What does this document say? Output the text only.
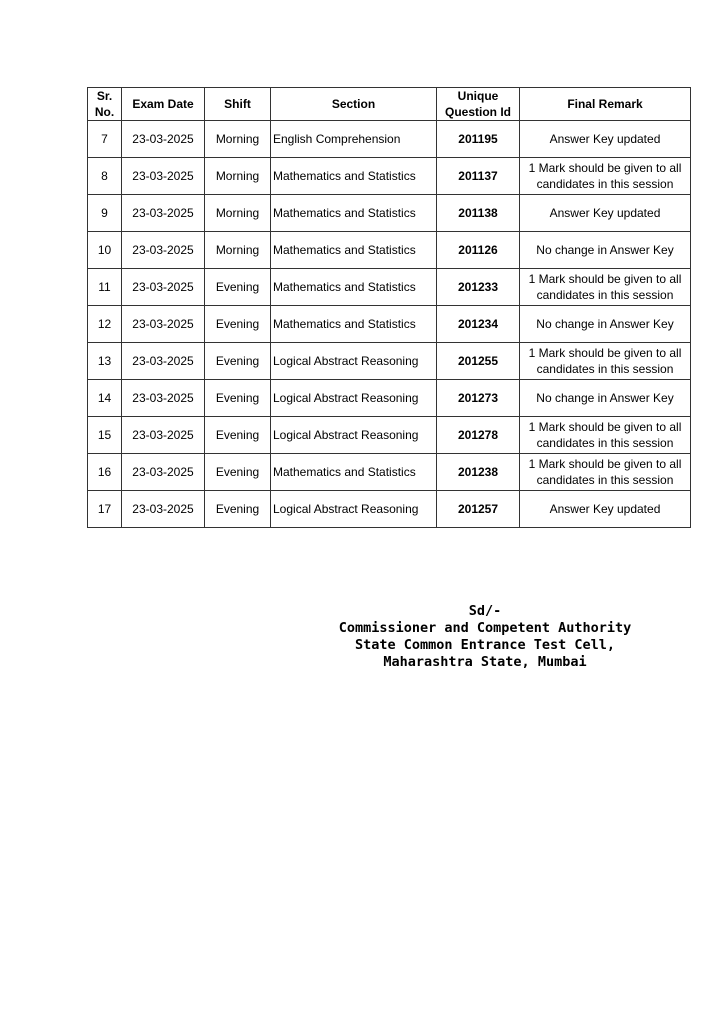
Sr. No.	Exam Date	Shift	Section	Unique Question Id	Final Remark
7	23-03-2025	Morning	English Comprehension	201195	Answer Key updated
8	23-03-2025	Morning	Mathematics and Statistics	201137	1 Mark should be given to all candidates in this session
9	23-03-2025	Morning	Mathematics and Statistics	201138	Answer Key updated
10	23-03-2025	Morning	Mathematics and Statistics	201126	No change in Answer Key
11	23-03-2025	Evening	Mathematics and Statistics	201233	1 Mark should be given to all candidates in this session
12	23-03-2025	Evening	Mathematics and Statistics	201234	No change in Answer Key
13	23-03-2025	Evening	Logical Abstract Reasoning	201255	1 Mark should be given to all candidates in this session
14	23-03-2025	Evening	Logical Abstract Reasoning	201273	No change in Answer Key
15	23-03-2025	Evening	Logical Abstract Reasoning	201278	1 Mark should be given to all candidates in this session
16	23-03-2025	Evening	Mathematics and Statistics	201238	1 Mark should be given to all candidates in this session
17	23-03-2025	Evening	Logical Abstract Reasoning	201257	Answer Key updated
Sd/-
Commissioner and Competent Authority
State Common Entrance Test Cell,
Maharashtra State, Mumbai
